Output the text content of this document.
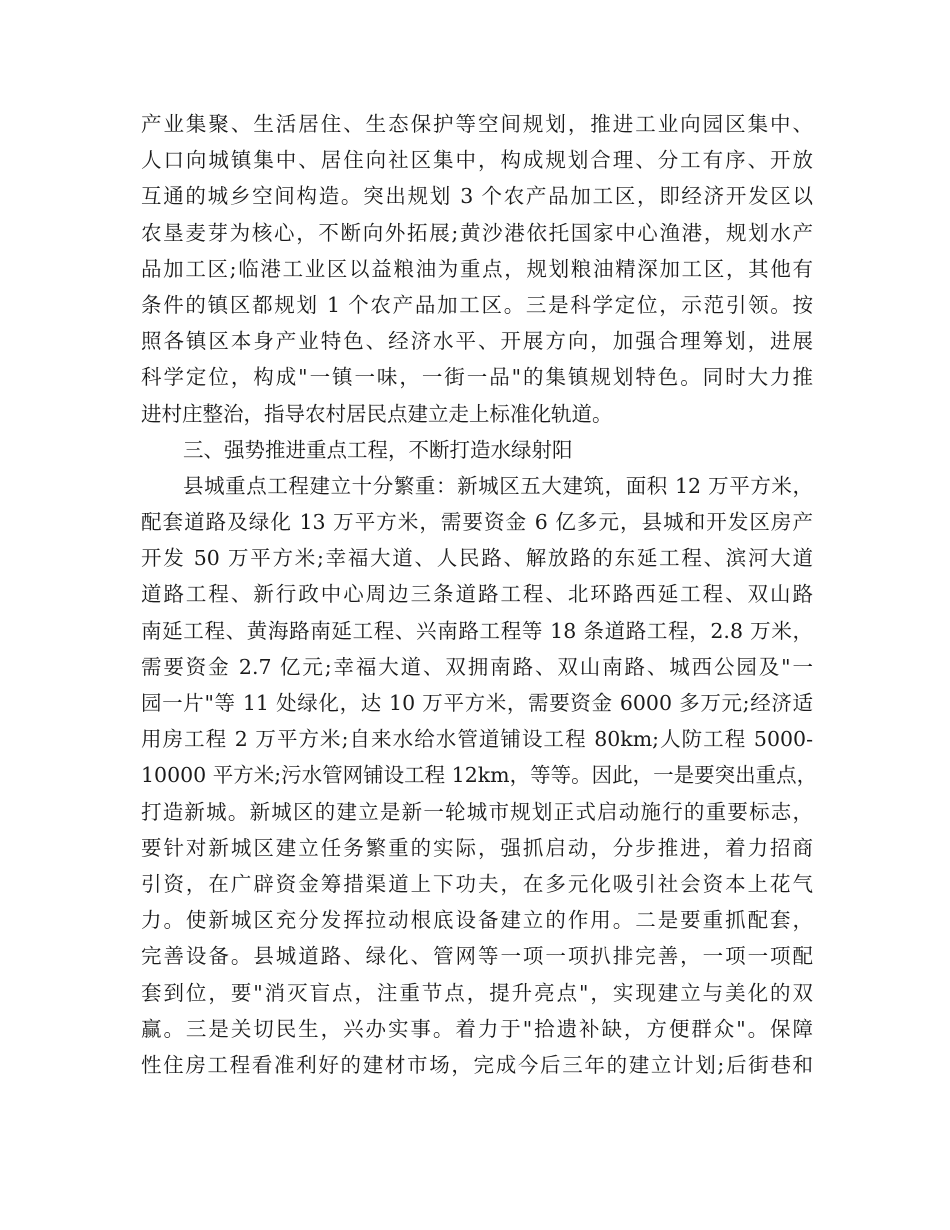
产业集聚、生活居住、生态保护等空间规划，推进工业向园区集中、
人口向城镇集中、居住向社区集中，构成规划合理、分工有序、开放
互通的城乡空间构造。突出规划 3 个农产品加工区，即经济开发区以
农垦麦芽为核心，不断向外拓展;黄沙港依托国家中心渔港，规划水产
品加工区;临港工业区以益粮油为重点，规划粮油精深加工区，其他有
条件的镇区都规划 1 个农产品加工区。三是科学定位，示范引领。按
照各镇区本身产业特色、经济水平、开展方向，加强合理筹划，进展
科学定位，构成"一镇一味，一街一品"的集镇规划特色。同时大力推
进村庄整治，指导农村居民点建立走上标准化轨道。
三、强势推进重点工程，不断打造水绿射阳
县城重点工程建立十分繁重：新城区五大建筑，面积 12 万平方米，
配套道路及绿化 13 万平方米，需要资金 6 亿多元，县城和开发区房产
开发 50 万平方米;幸福大道、人民路、解放路的东延工程、滨河大道
道路工程、新行政中心周边三条道路工程、北环路西延工程、双山路
南延工程、黄海路南延工程、兴南路工程等 18 条道路工程，2.8 万米，
需要资金 2.7 亿元;幸福大道、双拥南路、双山南路、城西公园及"一
园一片"等 11 处绿化，达 10 万平方米，需要资金 6000 多万元;经济适
用房工程 2 万平方米;自来水给水管道铺设工程 80km;人防工程 5000-
10000 平方米;污水管网铺设工程 12km，等等。因此，一是要突出重点，
打造新城。新城区的建立是新一轮城市规划正式启动施行的重要标志，
要针对新城区建立任务繁重的实际，强抓启动，分步推进，着力招商
引资，在广辟资金筹措渠道上下功夫，在多元化吸引社会资本上花气
力。使新城区充分发挥拉动根底设备建立的作用。二是要重抓配套，
完善设备。县城道路、绿化、管网等一项一项扒排完善，一项一项配
套到位，要"消灭盲点，注重节点，提升亮点"，实现建立与美化的双
赢。三是关切民生，兴办实事。着力于"拾遗补缺，方便群众"。保障
性住房工程看准利好的建材市场，完成今后三年的建立计划;后街巷和
